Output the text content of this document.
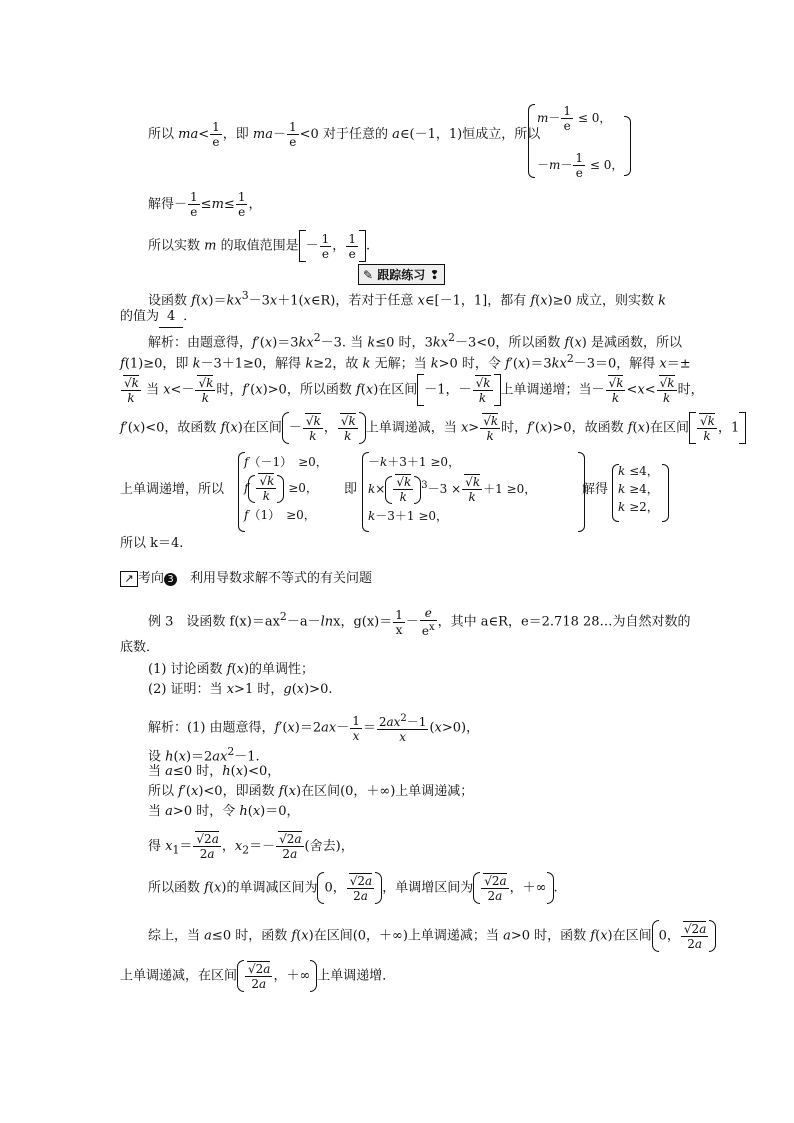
所以 $ma< \frac{1}{e}$ ，即 $ma- \frac{1}{e} <0$ 对于任意的 a∈(－1，1)恒成立，所以
$m- \frac{1}{e} \le 0$，

$-m- \frac{1}{e} \le 0$，
解得－ $\frac{1}{e} \le m\le \frac{1}{e}$ ，
所以实数 m 的取值范围是 － $\frac{1}{e}$ ， $\frac{1}{e}$ .
✎ 跟踪练习 ❢
设函数 $f(x)=kx^3-3x+1(x\in R)$，若对于任意 x∈[－1，1]，都有 f(x)≥0 成立，则实数 k
的值为 4 ．
解析：由题意得，$f'(x)=3kx^2-3$. 当 k≤0 时，$3kx^2-3<0$，所以函数 f(x) 是减函数，所以
f(1)≥0，即 k－3＋1≥0，解得 k≥2，故 k 无解；当 k>0 时，令 $f'(x)=3kx^2-3=0$，解得 x＝±
$\frac{√k}{k}$ 当 $x<- \frac{√k}{k}$ 时，f′(x)>0，所以函数 f(x)在区间 －1，－ $\frac{√k}{k}$ 上单调递增；当－ $\frac{√k}{k} <x< \frac{√k}{k}$ 时，
f′(x)<0，故函数 f(x)在区间 － $\frac{√k}{k}$ ， $\frac{√k}{k}$ 上单调递减，当 $x> \frac{√k}{k}$ 时，f′(x)>0，故函数 f(x)在区间 $\frac{√k}{k}$ ，1
上单调递增，所以
f（－1）　≥0，
f $\frac{√k}{k} \ge 0$，
f（1）　≥0，
即
－k＋3＋1 ≥0，
$k\times \frac{√k}{k} ^3-3 \times \frac{√k}{k} +1 \ge 0$，
k－3＋1 ≥0，
解得
k ≤4，
k ≥4，
k ≥2，
所以 k＝4.
↗ 考向 3　 利用导数求解不等式的有关问题
例 3　设函数 $f(x)=ax^2-a-\ln x$，$g(x)= \frac{1}{x} - \frac{e}{e^x}$ ，其中 a∈R，e＝2.718 28…为自然对数的
底数．
(1) 讨论函数 f(x)的单调性；
(2) 证明：当 x>1 时，g(x)>0.
解析：(1) 由题意得，$f'(x)=2ax- \frac{1}{x} = \frac{2ax^2-1}{x} (x>0)$，
设 $h(x)=2ax^2-1$.
当 a≤0 时，h(x)<0，
所以 f′(x)<0，即函数 f(x)在区间(0，＋∞)上单调递减；
当 a>0 时，令 h(x)＝0，
得 $x_1= \frac{√2a}{2a}$ ，$x_2=- \frac{√2a}{2a}$ (舍去)，
所以函数 f(x)的单调减区间为 0， $\frac{√2a}{2a}$ ，单调增区间为 $\frac{√2a}{2a}$ ，＋∞ .
综上，当 a≤0 时，函数 f(x)在区间(0，＋∞)上单调递减；当 a>0 时，函数 f(x)在区间 0， $\frac{√2a}{2a}$
上单调递减，在区间 $\frac{√2a}{2a}$ ，＋∞ 上单调递增．
